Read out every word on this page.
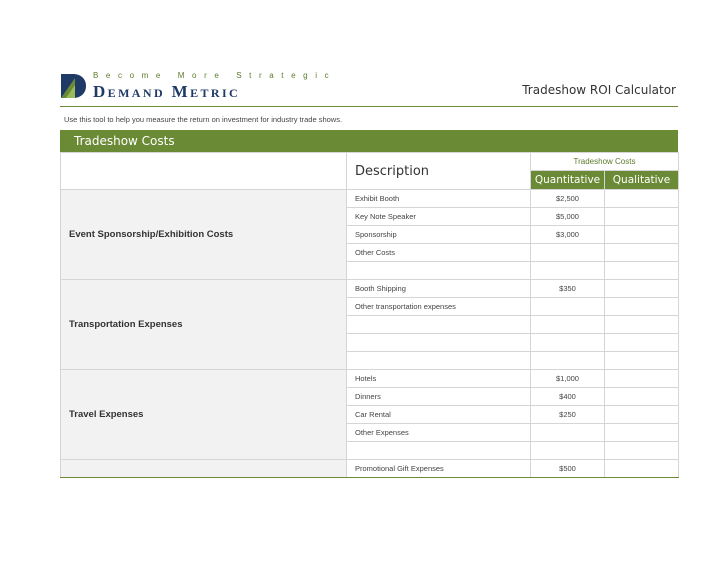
Become More Strategic
Demand Metric	Tradeshow ROI Calculator
Use this tool to help you measure the return on investment for industry trade shows.
Tradeshow Costs
	Description	Tradeshow Costs	
		Quantitative	Qualitative
Event Sponsorship/Exhibition Costs	Exhibit Booth	$2,500	
	Key Note Speaker	$5,000	
	Sponsorship	$3,000	
	Other Costs		

Transportation Expenses	Booth Shipping	$350	
	Other transportation expenses		

Travel Expenses	Hotels	$1,000	
	Dinners	$400	
	Car Rental	$250	
	Other Expenses		

	Promotional Gift Expenses	$500	
